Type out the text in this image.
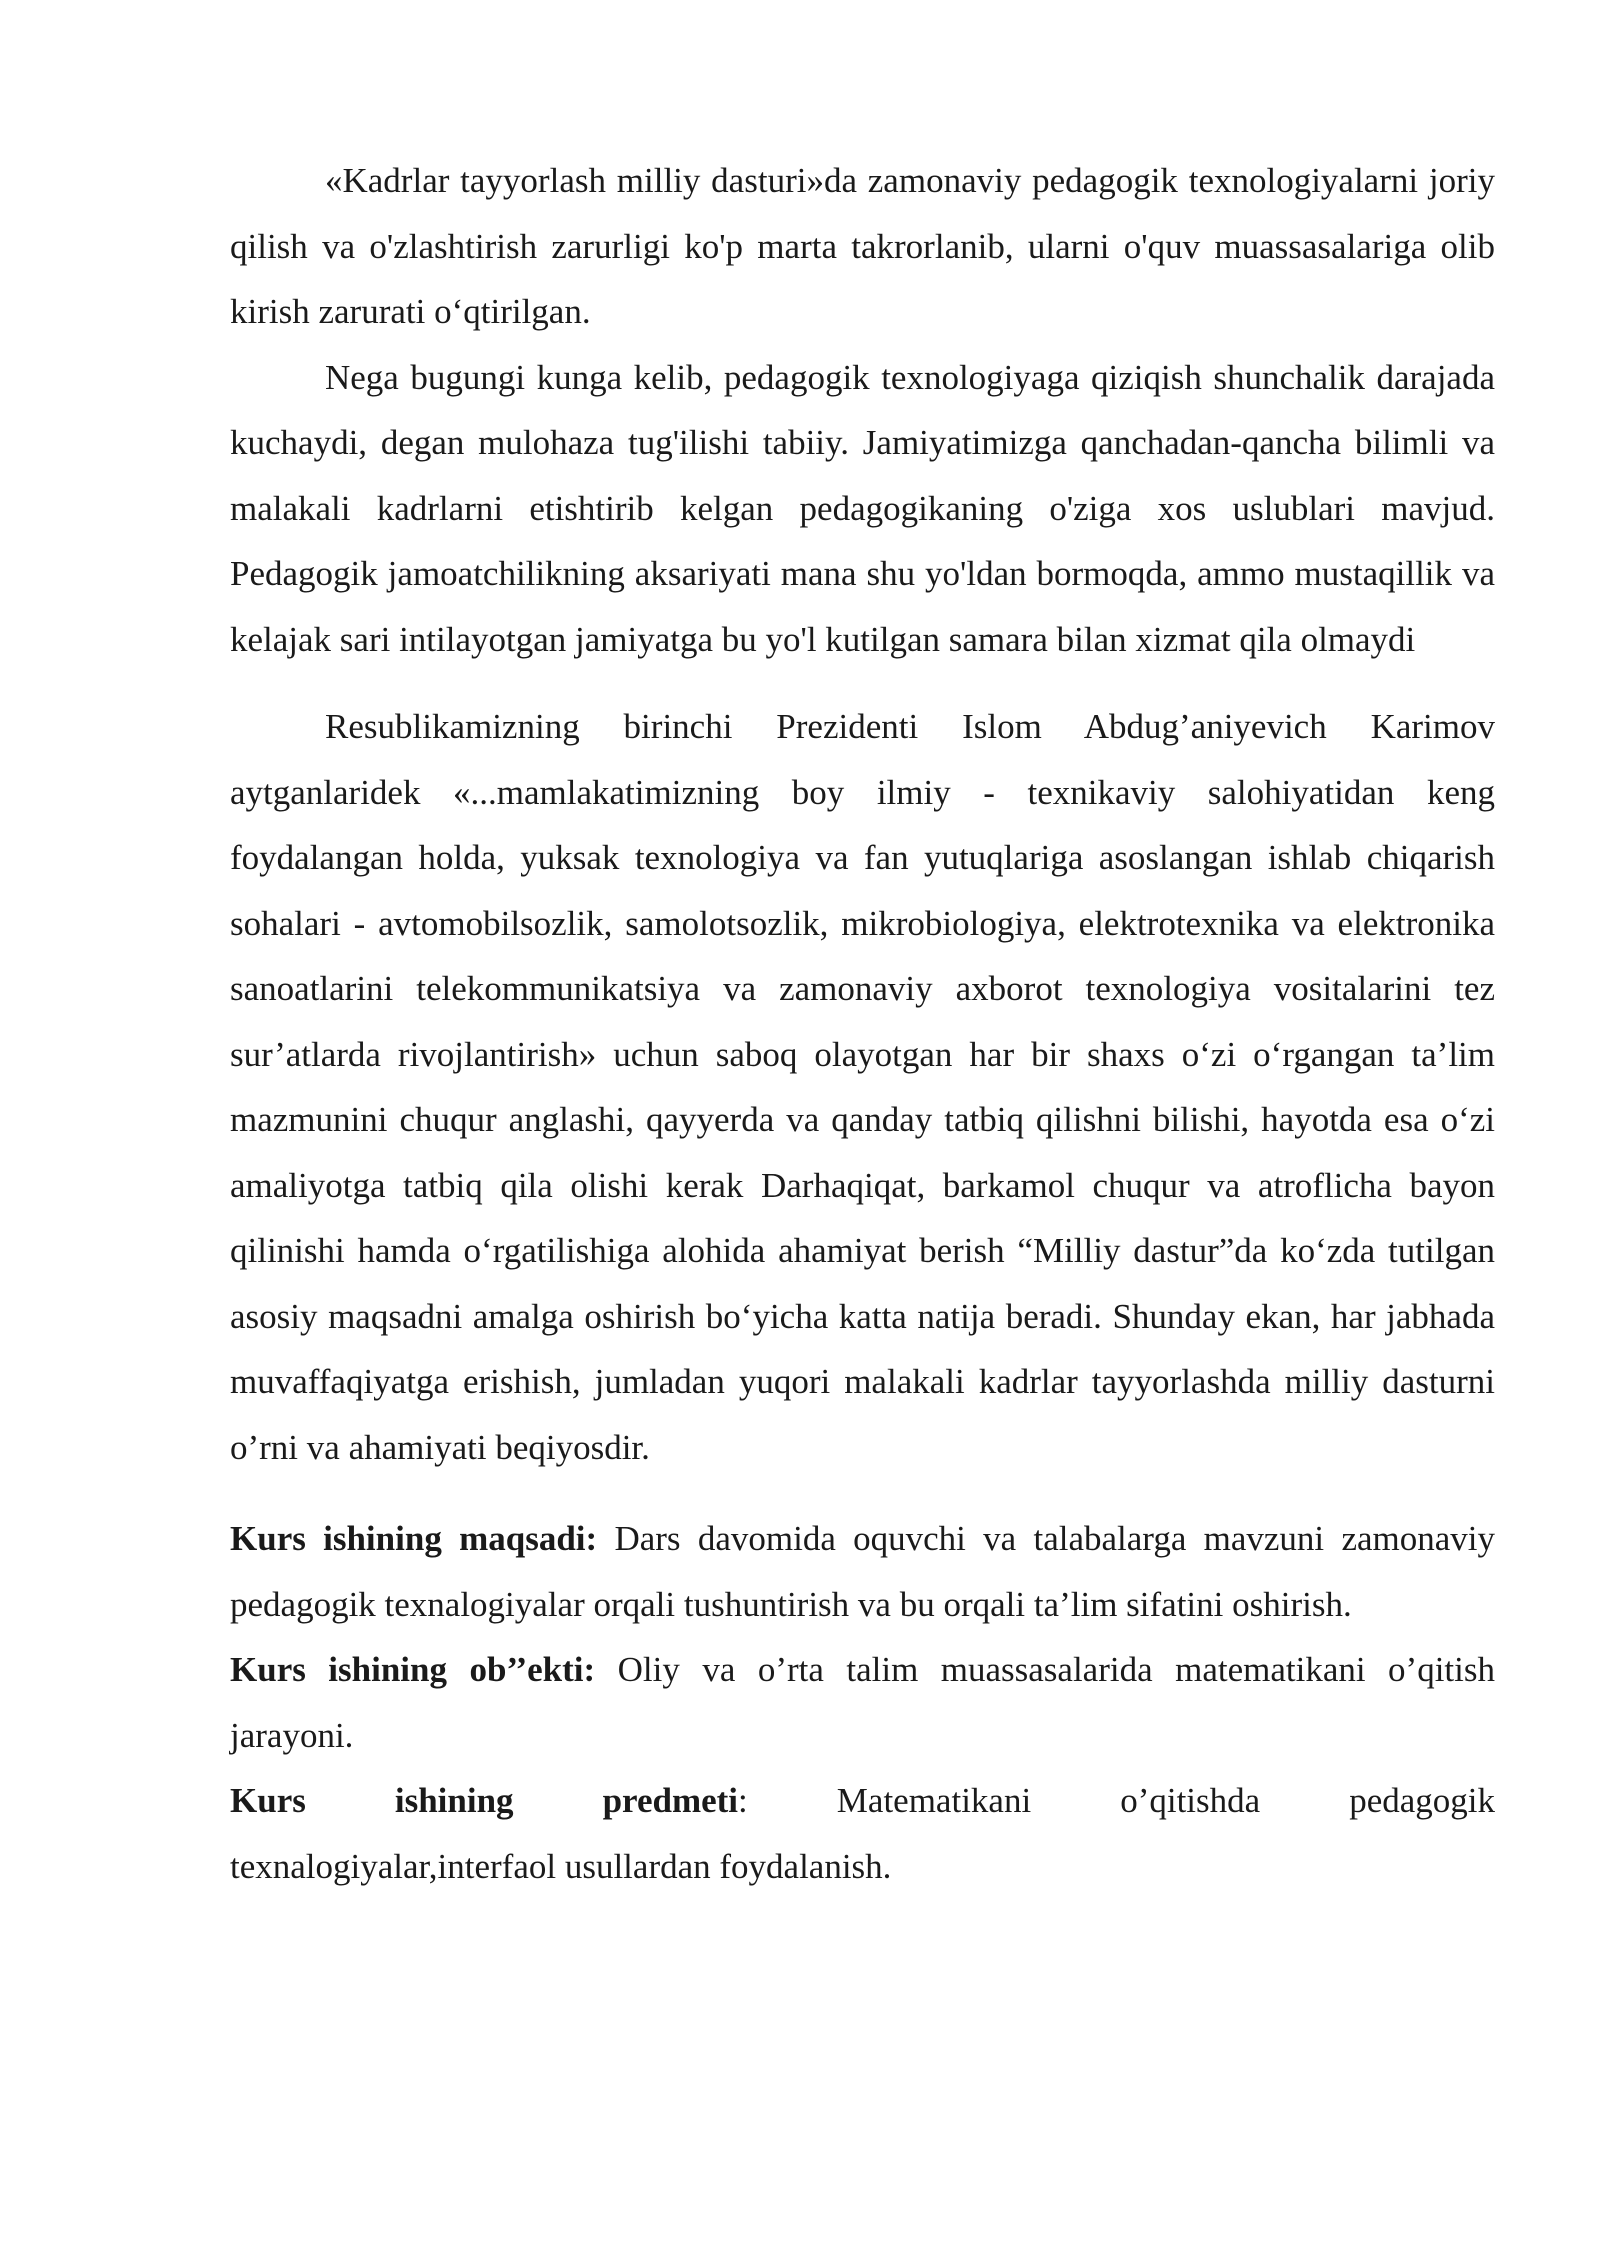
«Kadrlar tayyorlash milliy dasturi»da zamonaviy pedagogik texnologiyalarni joriy qilish va o'zlashtirish zarurligi ko'p marta takrorlanib, ularni o'quv muassasalariga olib kirish zarurati o‘qtirilgan.

Nega bugungi kunga kelib, pedagogik texnologiyaga qiziqish shunchalik darajada kuchaydi, degan mulohaza tug'ilishi tabiiy. Jamiyatimizga qanchadan-qancha bilimli va malakali kadrlarni etishtirib kelgan pedagogikaning o'ziga xos uslublari mavjud. Pedagogik jamoatchilikning aksariyati mana shu yo'ldan bormoqda, ammo mustaqillik va kelajak sari intilayotgan jamiyatga bu yo'l kutilgan samara bilan xizmat qila olmaydi

Resublikamizning birinchi Prezidenti Islom Abdug’aniyevich Karimov aytganlaridek «...mamlakatimizning boy ilmiy - texnikaviy salohiyatidan keng foydalangan holda, yuksak texnologiya va fan yutuqlariga asoslangan ishlab chiqarish sohalari - avtomobilsozlik, samolotsozlik, mikrobiologiya, elektrotexnika va elektronika sanoatlarini telekommunikatsiya va zamonaviy axborot texnologiya vositalarini tez sur’atlarda rivojlantirish» uchun saboq olayotgan har bir shaxs o‘zi o‘rgangan ta’lim mazmunini chuqur anglashi, qayyerda va qanday tatbiq qilishni bilishi, hayotda esa o‘zi amaliyotga tatbiq qila olishi kerak Darhaqiqat, barkamol chuqur va atroflicha bayon qilinishi hamda o‘rgatilishiga alohida ahamiyat berish “Milliy dastur”da ko‘zda tutilgan asosiy maqsadni amalga oshirish bo‘yicha katta natija beradi. Shunday ekan, har jabhada muvaffaqiyatga erishish, jumladan yuqori malakali kadrlar tayyorlashda milliy dasturni o’rni va ahamiyati beqiyosdir.

Kurs ishining maqsadi: Dars davomida oquvchi va talabalarga mavzuni zamonaviy pedagogik texnalogiyalar orqali tushuntirish va bu orqali ta’lim sifatini oshirish.

Kurs ishining ob’’ekti: Oliy va o’rta talim muassasalarida matematikani o’qitish jarayoni.

Kurs ishining predmeti: Matematikani o’qitishda pedagogik

texnalogiyalar,interfaol usullardan foydalanish.
